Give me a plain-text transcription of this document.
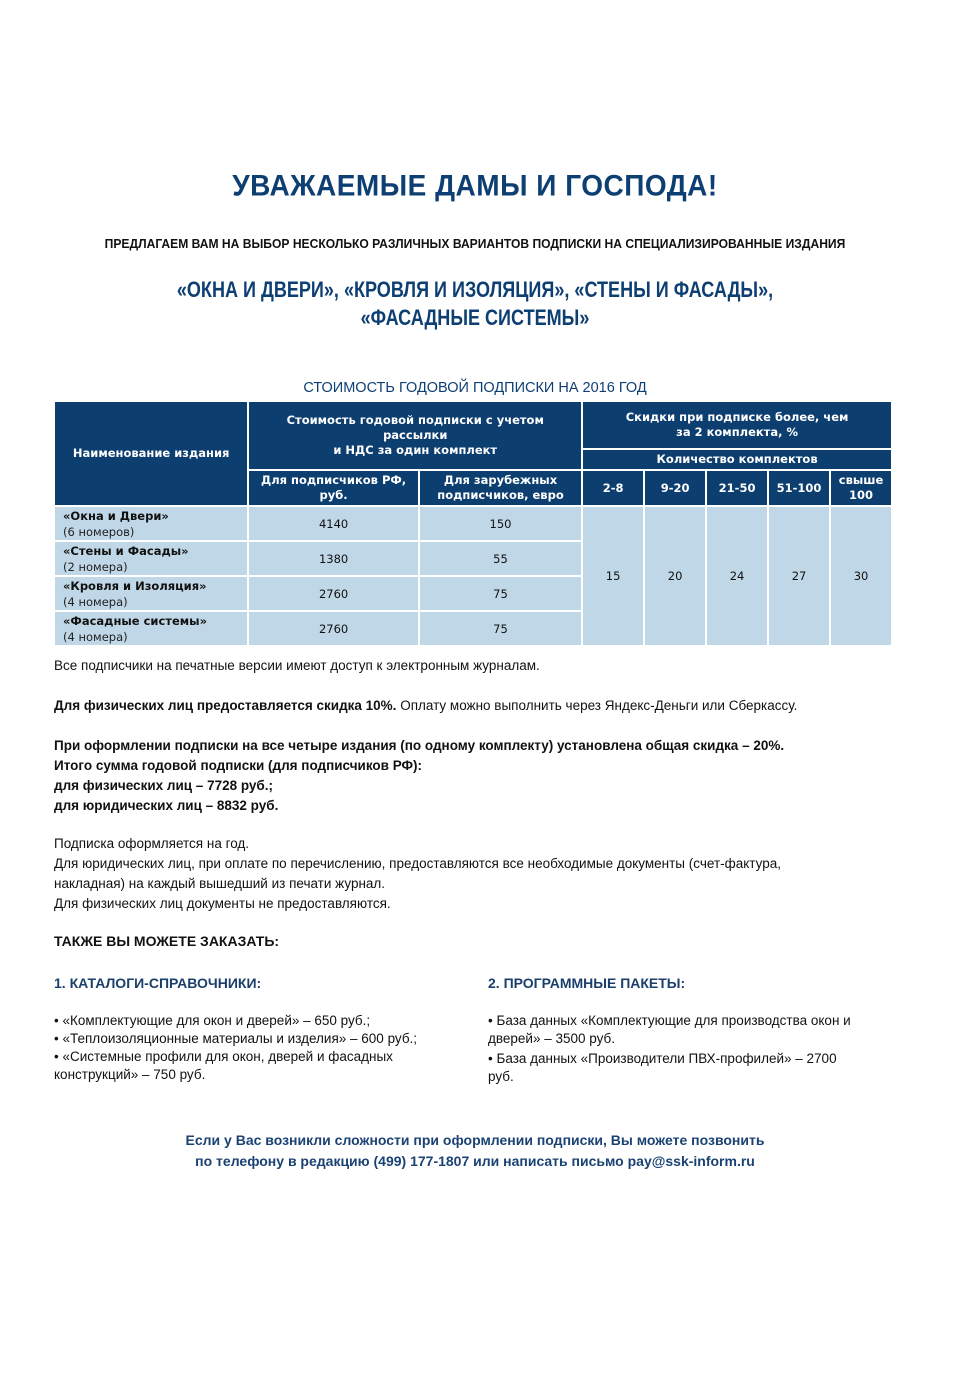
УВАЖАЕМЫЕ ДАМЫ И ГОСПОДА!
ПРЕДЛАГАЕМ ВАМ НА ВЫБОР НЕСКОЛЬКО РАЗЛИЧНЫХ ВАРИАНТОВ ПОДПИСКИ НА СПЕЦИАЛИЗИРОВАННЫЕ ИЗДАНИЯ
«ОКНА И ДВЕРИ», «КРОВЛЯ И ИЗОЛЯЦИЯ», «СТЕНЫ И ФАСАДЫ»,
«ФАСАДНЫЕ СИСТЕМЫ»
СТОИМОСТЬ ГОДОВОЙ ПОДПИСКИ НА 2016 ГОД
Наименование издания	
Стоимость годовой подписки с учетом
рассылки
и НДС за один комплект

Скидки при подписке более, чем
за 2 комплекта, %

			Количество комплектов				
	Для подписчиков РФ, руб.	Для зарубежных подписчиков, евро	2-8	9-20	21-50	51-100	свыше 100

«Окна и Двери»
(6 номеров)	4140	150	15	20	24	27	30

«Стены и Фасады»
(2 номера)	1380	55					

«Кровля и Изоляция»
(4 номера)	2760	75					

«Фасадные системы»
(4 номера)	2760	75					
Все подписчики на печатные версии имеют доступ к электронным журналам.
Для физических лиц предоставляется скидка 10%. Оплату можно выполнить через Яндекс-Деньги или Сберкассу.
При оформлении подписки на все четыре издания (по одному комплекту) установлена общая скидка – 20%.
Итого сумма годовой подписки (для подписчиков РФ):
для физических лиц – 7728 руб.;
для юридических лиц – 8832 руб.
Подписка оформляется на год.
Для юридических лиц, при оплате по перечислению, предоставляются все необходимые документы (счет-фактура,
накладная) на каждый вышедший из печати журнал.
Для физических лиц документы не предоставляются.
ТАКЖЕ ВЫ МОЖЕТЕ ЗАКАЗАТЬ:
1. КАТАЛОГИ-СПРАВОЧНИКИ:
• «Комплектующие для окон и дверей» – 650 руб.;
• «Теплоизоляционные материалы и изделия» – 600 руб.;
• «Системные профили для окон, дверей и фасадных конструкций» – 750 руб.
2. ПРОГРАММНЫЕ ПАКЕТЫ:
• База данных «Комплектующие для производства окон и дверей» – 3500 руб.
• База данных «Производители ПВХ-профилей» – 2700 руб.
Если у Вас возникли сложности при оформлении подписки, Вы можете позвонить
по телефону в редакцию (499) 177-1807 или написать письмо pay@ssk-inform.ru
